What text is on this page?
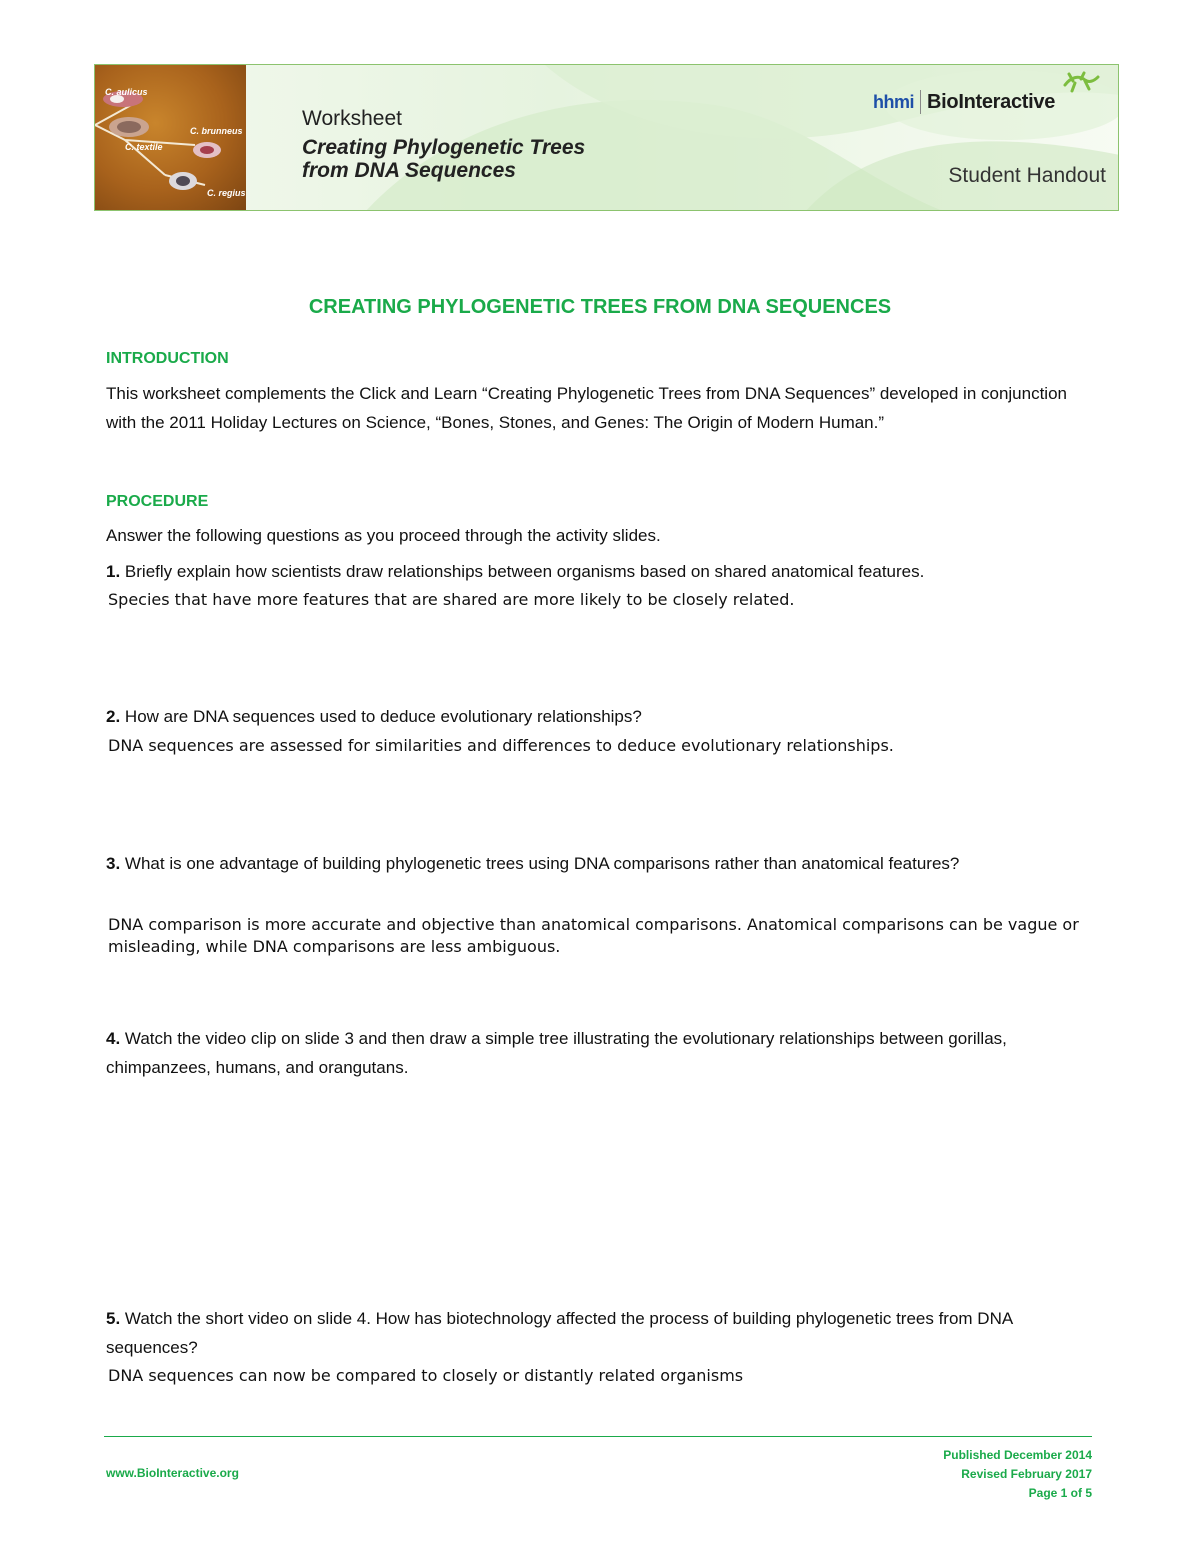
C. aulicus
C. brunneus
C. textile
C. regius
Worksheet
Creating Phylogenetic Trees
from DNA Sequences
hhmi BioInteractive
Student Handout
CREATING PHYLOGENETIC TREES FROM DNA SEQUENCES
INTRODUCTION
This worksheet complements the Click and Learn “Creating Phylogenetic Trees from DNA Sequences” developed in conjunction with the 2011 Holiday Lectures on Science, “Bones, Stones, and Genes: The Origin of Modern Human.”
PROCEDURE
Answer the following questions as you proceed through the activity slides.
1. Briefly explain how scientists draw relationships between organisms based on shared anatomical features.
Species that have more features that are shared are more likely to be closely related.
2. How are DNA sequences used to deduce evolutionary relationships?
DNA sequences are assessed for similarities and differences to deduce evolutionary relationships.
3. What is one advantage of building phylogenetic trees using DNA comparisons rather than anatomical features?
DNA comparison is more accurate and objective than anatomical comparisons. Anatomical comparisons can be vague or misleading, while DNA comparisons are less ambiguous.
4. Watch the video clip on slide 3 and then draw a simple tree illustrating the evolutionary relationships between gorillas, chimpanzees, humans, and orangutans.
5. Watch the short video on slide 4. How has biotechnology affected the process of building phylogenetic trees from DNA sequences?
DNA sequences can now be compared to closely or distantly related organisms
www.BioInteractive.org
Published December 2014
Revised February 2017
Page 1 of 5
